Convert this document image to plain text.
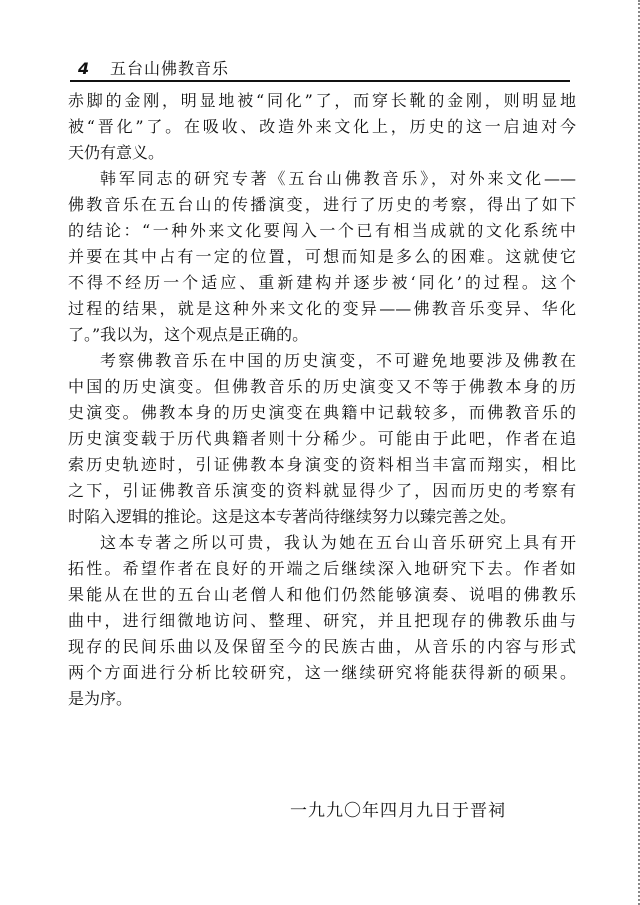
4 五台山佛教音乐
赤脚的金刚，明显地被“同化”了，而穿长靴的金刚，则明显地
被“晋化”了。在吸收、改造外来文化上，历史的这一启迪对今
天仍有意义。
韩军同志的研究专著《五台山佛教音乐》，对外来文化——
佛教音乐在五台山的传播演变，进行了历史的考察，得出了如下
的结论：“一种外来文化要闯入一个已有相当成就的文化系统中
并要在其中占有一定的位置，可想而知是多么的困难。这就使它
不得不经历一个适应、重新建构并逐步被‘同化’的过程。这个
过程的结果，就是这种外来文化的变异——佛教音乐变异、华化
了。”我以为，这个观点是正确的。
考察佛教音乐在中国的历史演变，不可避免地要涉及佛教在
中国的历史演变。但佛教音乐的历史演变又不等于佛教本身的历
史演变。佛教本身的历史演变在典籍中记载较多，而佛教音乐的
历史演变载于历代典籍者则十分稀少。可能由于此吧，作者在追
索历史轨迹时，引证佛教本身演变的资料相当丰富而翔实，相比
之下，引证佛教音乐演变的资料就显得少了，因而历史的考察有
时陷入逻辑的推论。这是这本专著尚待继续努力以臻完善之处。
这本专著之所以可贵，我认为她在五台山音乐研究上具有开
拓性。希望作者在良好的开端之后继续深入地研究下去。作者如
果能从在世的五台山老僧人和他们仍然能够演奏、说唱的佛教乐
曲中，进行细微地访问、整理、研究，并且把现存的佛教乐曲与
现存的民间乐曲以及保留至今的民族古曲，从音乐的内容与形式
两个方面进行分析比较研究，这一继续研究将能获得新的硕果。
是为序。
一九九〇年四月九日于晋祠
